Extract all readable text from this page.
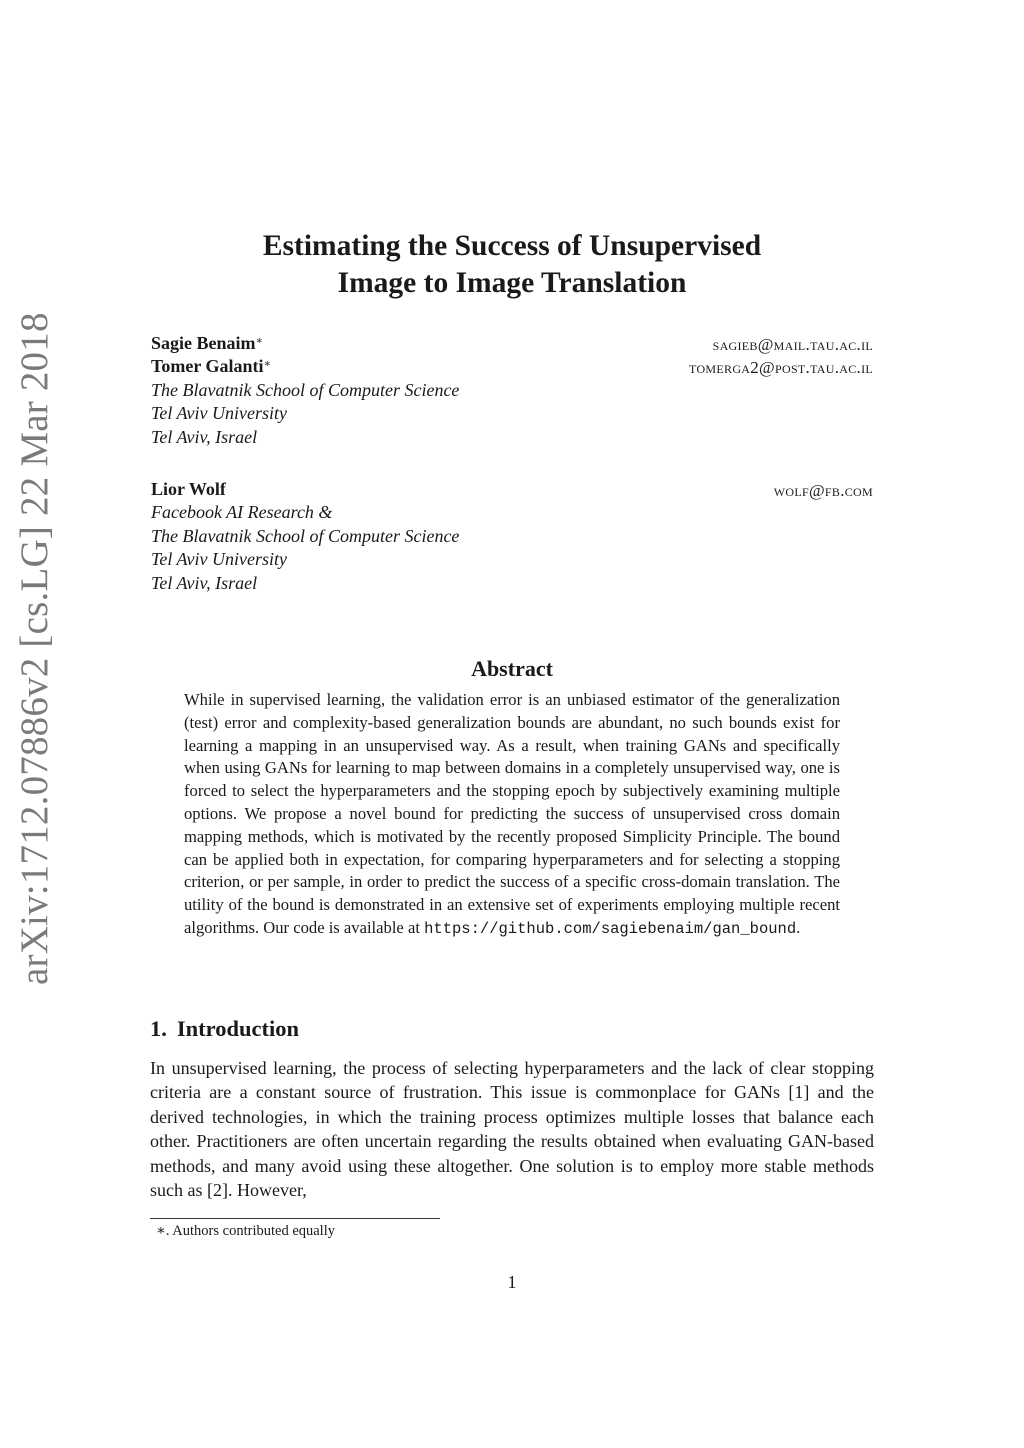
arXiv:1712.07886v2 [cs.LG] 22 Mar 2018
Estimating the Success of Unsupervised
Image to Image Translation
Sagie Benaim∗	sagieb@mail.tau.ac.il
Tomer Galanti∗	tomerga2@post.tau.ac.il
The Blavatnik School of Computer Science
Tel Aviv University
Tel Aviv, Israel
Lior Wolf	wolf@fb.com
Facebook AI Research &
The Blavatnik School of Computer Science
Tel Aviv University
Tel Aviv, Israel
Abstract
While in supervised learning, the validation error is an unbiased estimator of the generalization (test) error and complexity-based generalization bounds are abundant, no such bounds exist for learning a mapping in an unsupervised way. As a result, when training GANs and specifically when using GANs for learning to map between domains in a completely unsupervised way, one is forced to select the hyperparameters and the stopping epoch by subjectively examining multiple options. We propose a novel bound for predicting the success of unsupervised cross domain mapping methods, which is motivated by the recently proposed Simplicity Principle. The bound can be applied both in expectation, for comparing hyperparameters and for selecting a stopping criterion, or per sample, in order to predict the success of a specific cross-domain translation. The utility of the bound is demonstrated in an extensive set of experiments employing multiple recent algorithms. Our code is available at https://github.com/sagiebenaim/gan_bound.
1. Introduction
In unsupervised learning, the process of selecting hyperparameters and the lack of clear stopping criteria are a constant source of frustration. This issue is commonplace for GANs [1] and the derived technologies, in which the training process optimizes multiple losses that balance each other. Practitioners are often uncertain regarding the results obtained when evaluating GAN-based methods, and many avoid using these altogether. One solution is to employ more stable methods such as [2]. However,
∗. Authors contributed equally
1
